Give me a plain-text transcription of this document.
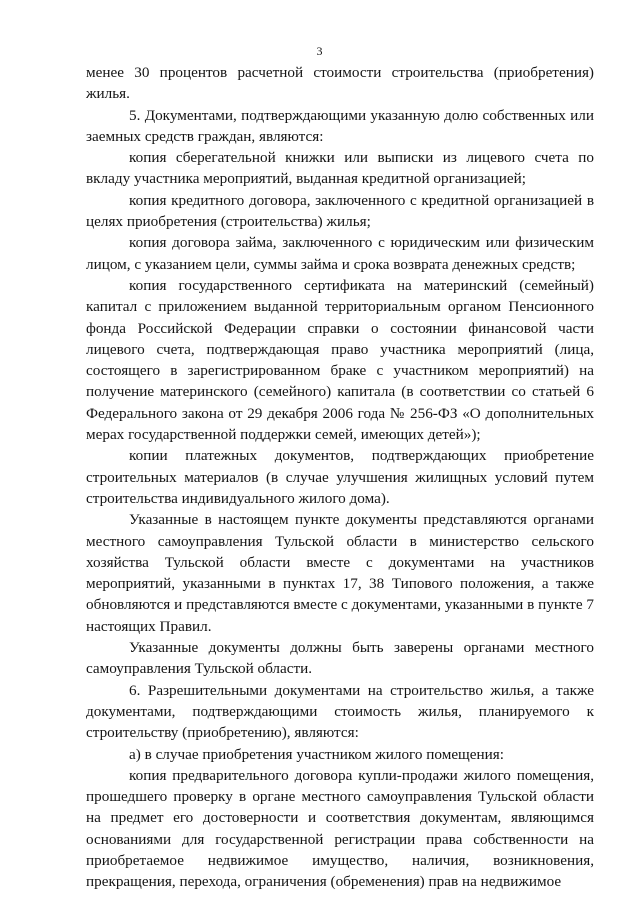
3

менее 30 процентов расчетной стоимости строительства (приобретения) жилья.

5. Документами, подтверждающими указанную долю собственных или заемных средств граждан, являются:

копия сберегательной книжки или выписки из лицевого счета по вкладу участника мероприятий, выданная кредитной организацией;

копия кредитного договора, заключенного с кредитной организацией в целях приобретения (строительства) жилья;

копия договора займа, заключенного с юридическим или физическим лицом, с указанием цели, суммы займа и срока возврата денежных средств;

копия государственного сертификата на материнский (семейный) капитал с приложением выданной территориальным органом Пенсионного фонда Российской Федерации справки о состоянии финансовой части лицевого счета, подтверждающая право участника мероприятий (лица, состоящего в зарегистрированном браке с участником мероприятий) на получение материнского (семейного) капитала (в соответствии со статьей 6 Федерального закона от 29 декабря 2006 года № 256-ФЗ «О дополнительных мерах государственной поддержки семей, имеющих детей»);

копии платежных документов, подтверждающих приобретение строительных материалов (в случае улучшения жилищных условий путем строительства индивидуального жилого дома).

Указанные в настоящем пункте документы представляются органами местного самоуправления Тульской области в министерство сельского хозяйства Тульской области вместе с документами на участников мероприятий, указанными в пунктах 17, 38 Типового положения, а также обновляются и представляются вместе с документами, указанными в пункте 7 настоящих Правил.

Указанные документы должны быть заверены органами местного самоуправления Тульской области.

6. Разрешительными документами на строительство жилья, а также документами, подтверждающими стоимость жилья, планируемого к строительству (приобретению), являются:

а) в случае приобретения участником жилого помещения:

копия предварительного договора купли-продажи жилого помещения, прошедшего проверку в органе местного самоуправления Тульской области на предмет его достоверности и соответствия документам, являющимся основаниями для государственной регистрации права собственности на приобретаемое недвижимое имущество, наличия, возникновения, прекращения, перехода, ограничения (обременения) прав на недвижимое
